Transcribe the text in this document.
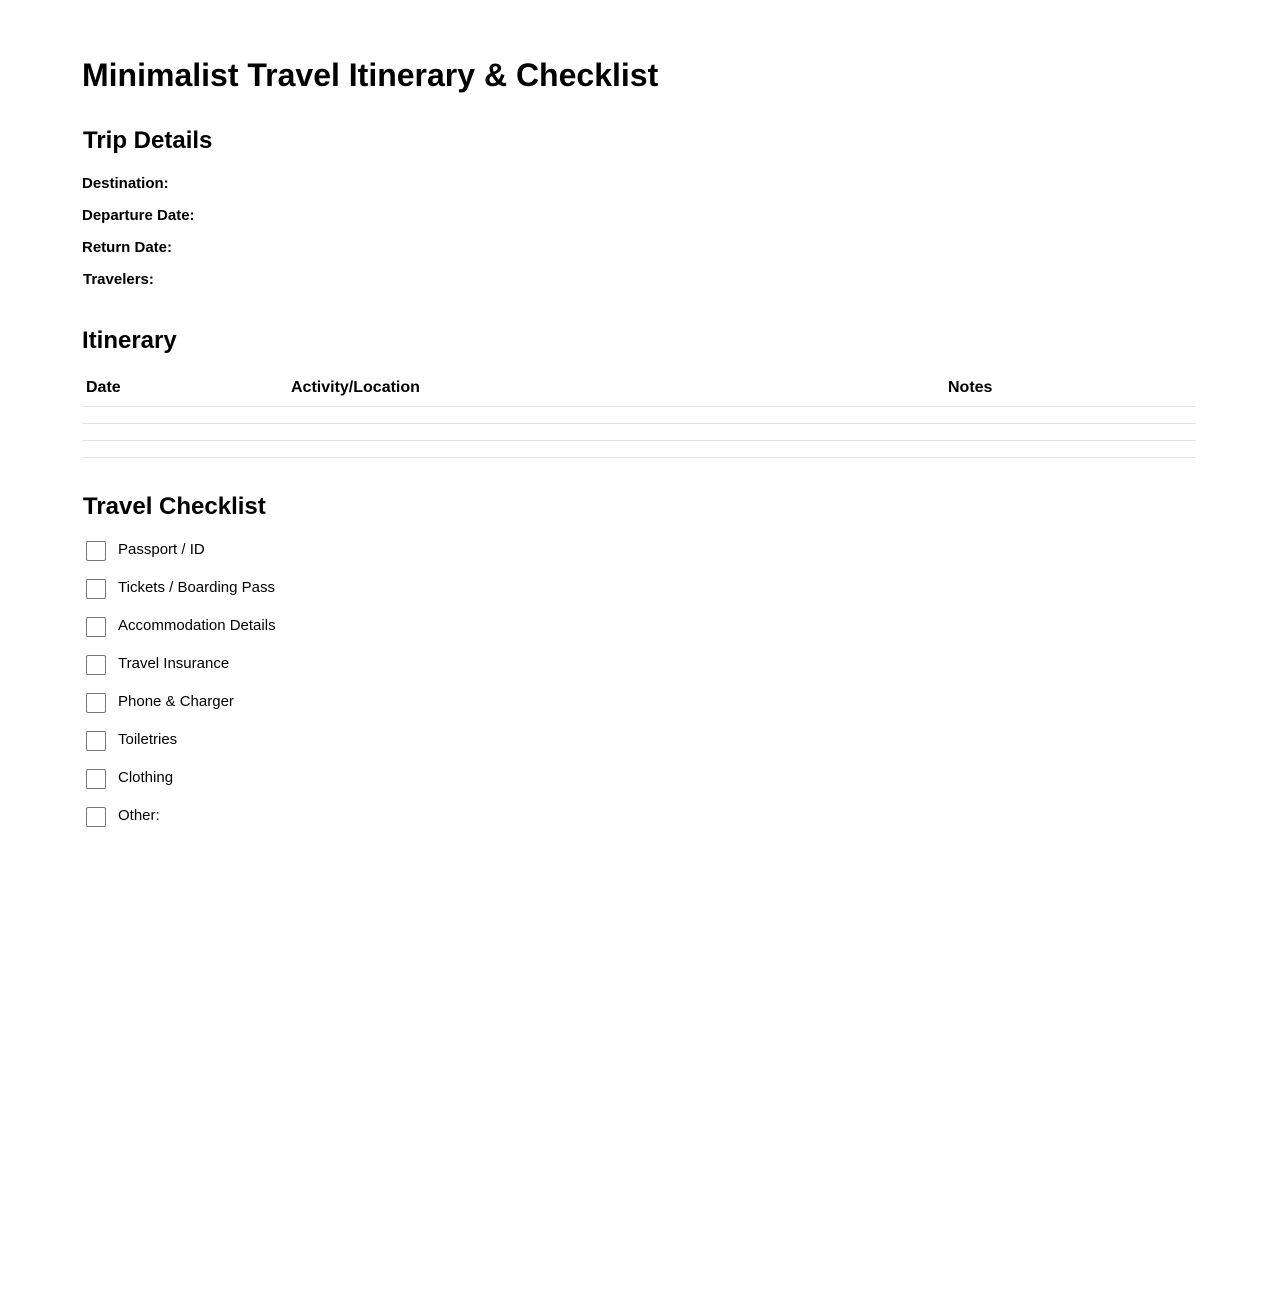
Minimalist Travel Itinerary & Checklist
Trip Details
Destination:
Departure Date:
Return Date:
Travelers:
Itinerary
Date	Activity/Location	Notes

Travel Checklist
Passport / ID
Tickets / Boarding Pass
Accommodation Details
Travel Insurance
Phone & Charger
Toiletries
Clothing
Other:
